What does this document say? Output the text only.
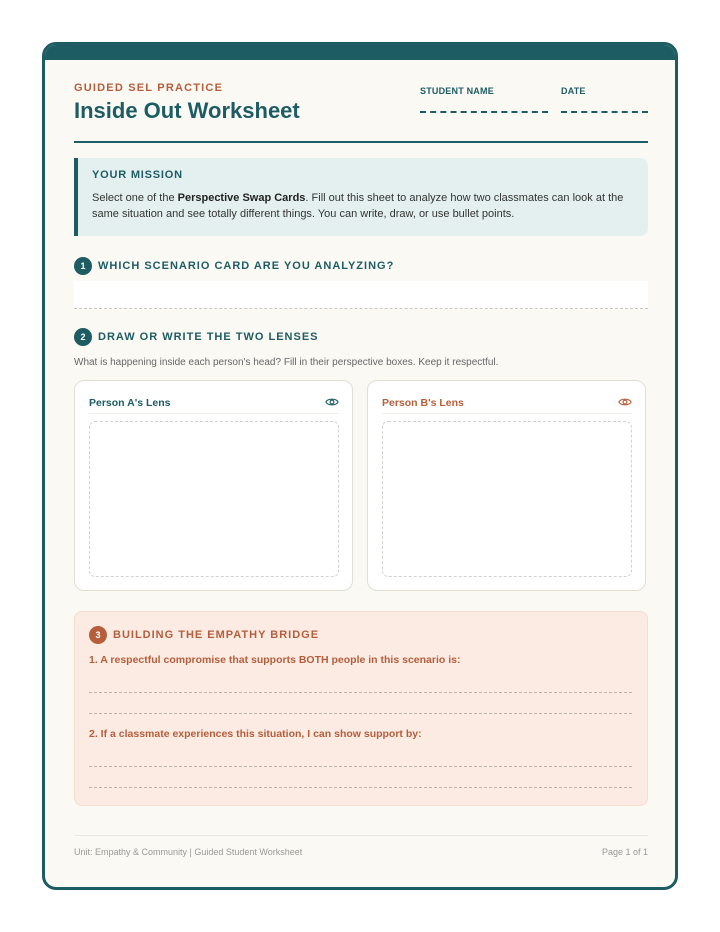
GUIDED SEL PRACTICE
Inside Out Worksheet
STUDENT NAME	DATE
YOUR MISSION
Select one of the Perspective Swap Cards. Fill out this sheet to analyze how two classmates can look at the same situation and see totally different things. You can write, draw, or use bullet points.
1	WHICH SCENARIO CARD ARE YOU ANALYZING?
2	DRAW OR WRITE THE TWO LENSES
What is happening inside each person's head? Fill in their perspective boxes. Keep it respectful.
Person A's Lens	Person B's Lens
3	BUILDING THE EMPATHY BRIDGE
1. A respectful compromise that supports BOTH people in this scenario is:
2. If a classmate experiences this situation, I can show support by:
Unit: Empathy & Community | Guided Student Worksheet	Page 1 of 1
